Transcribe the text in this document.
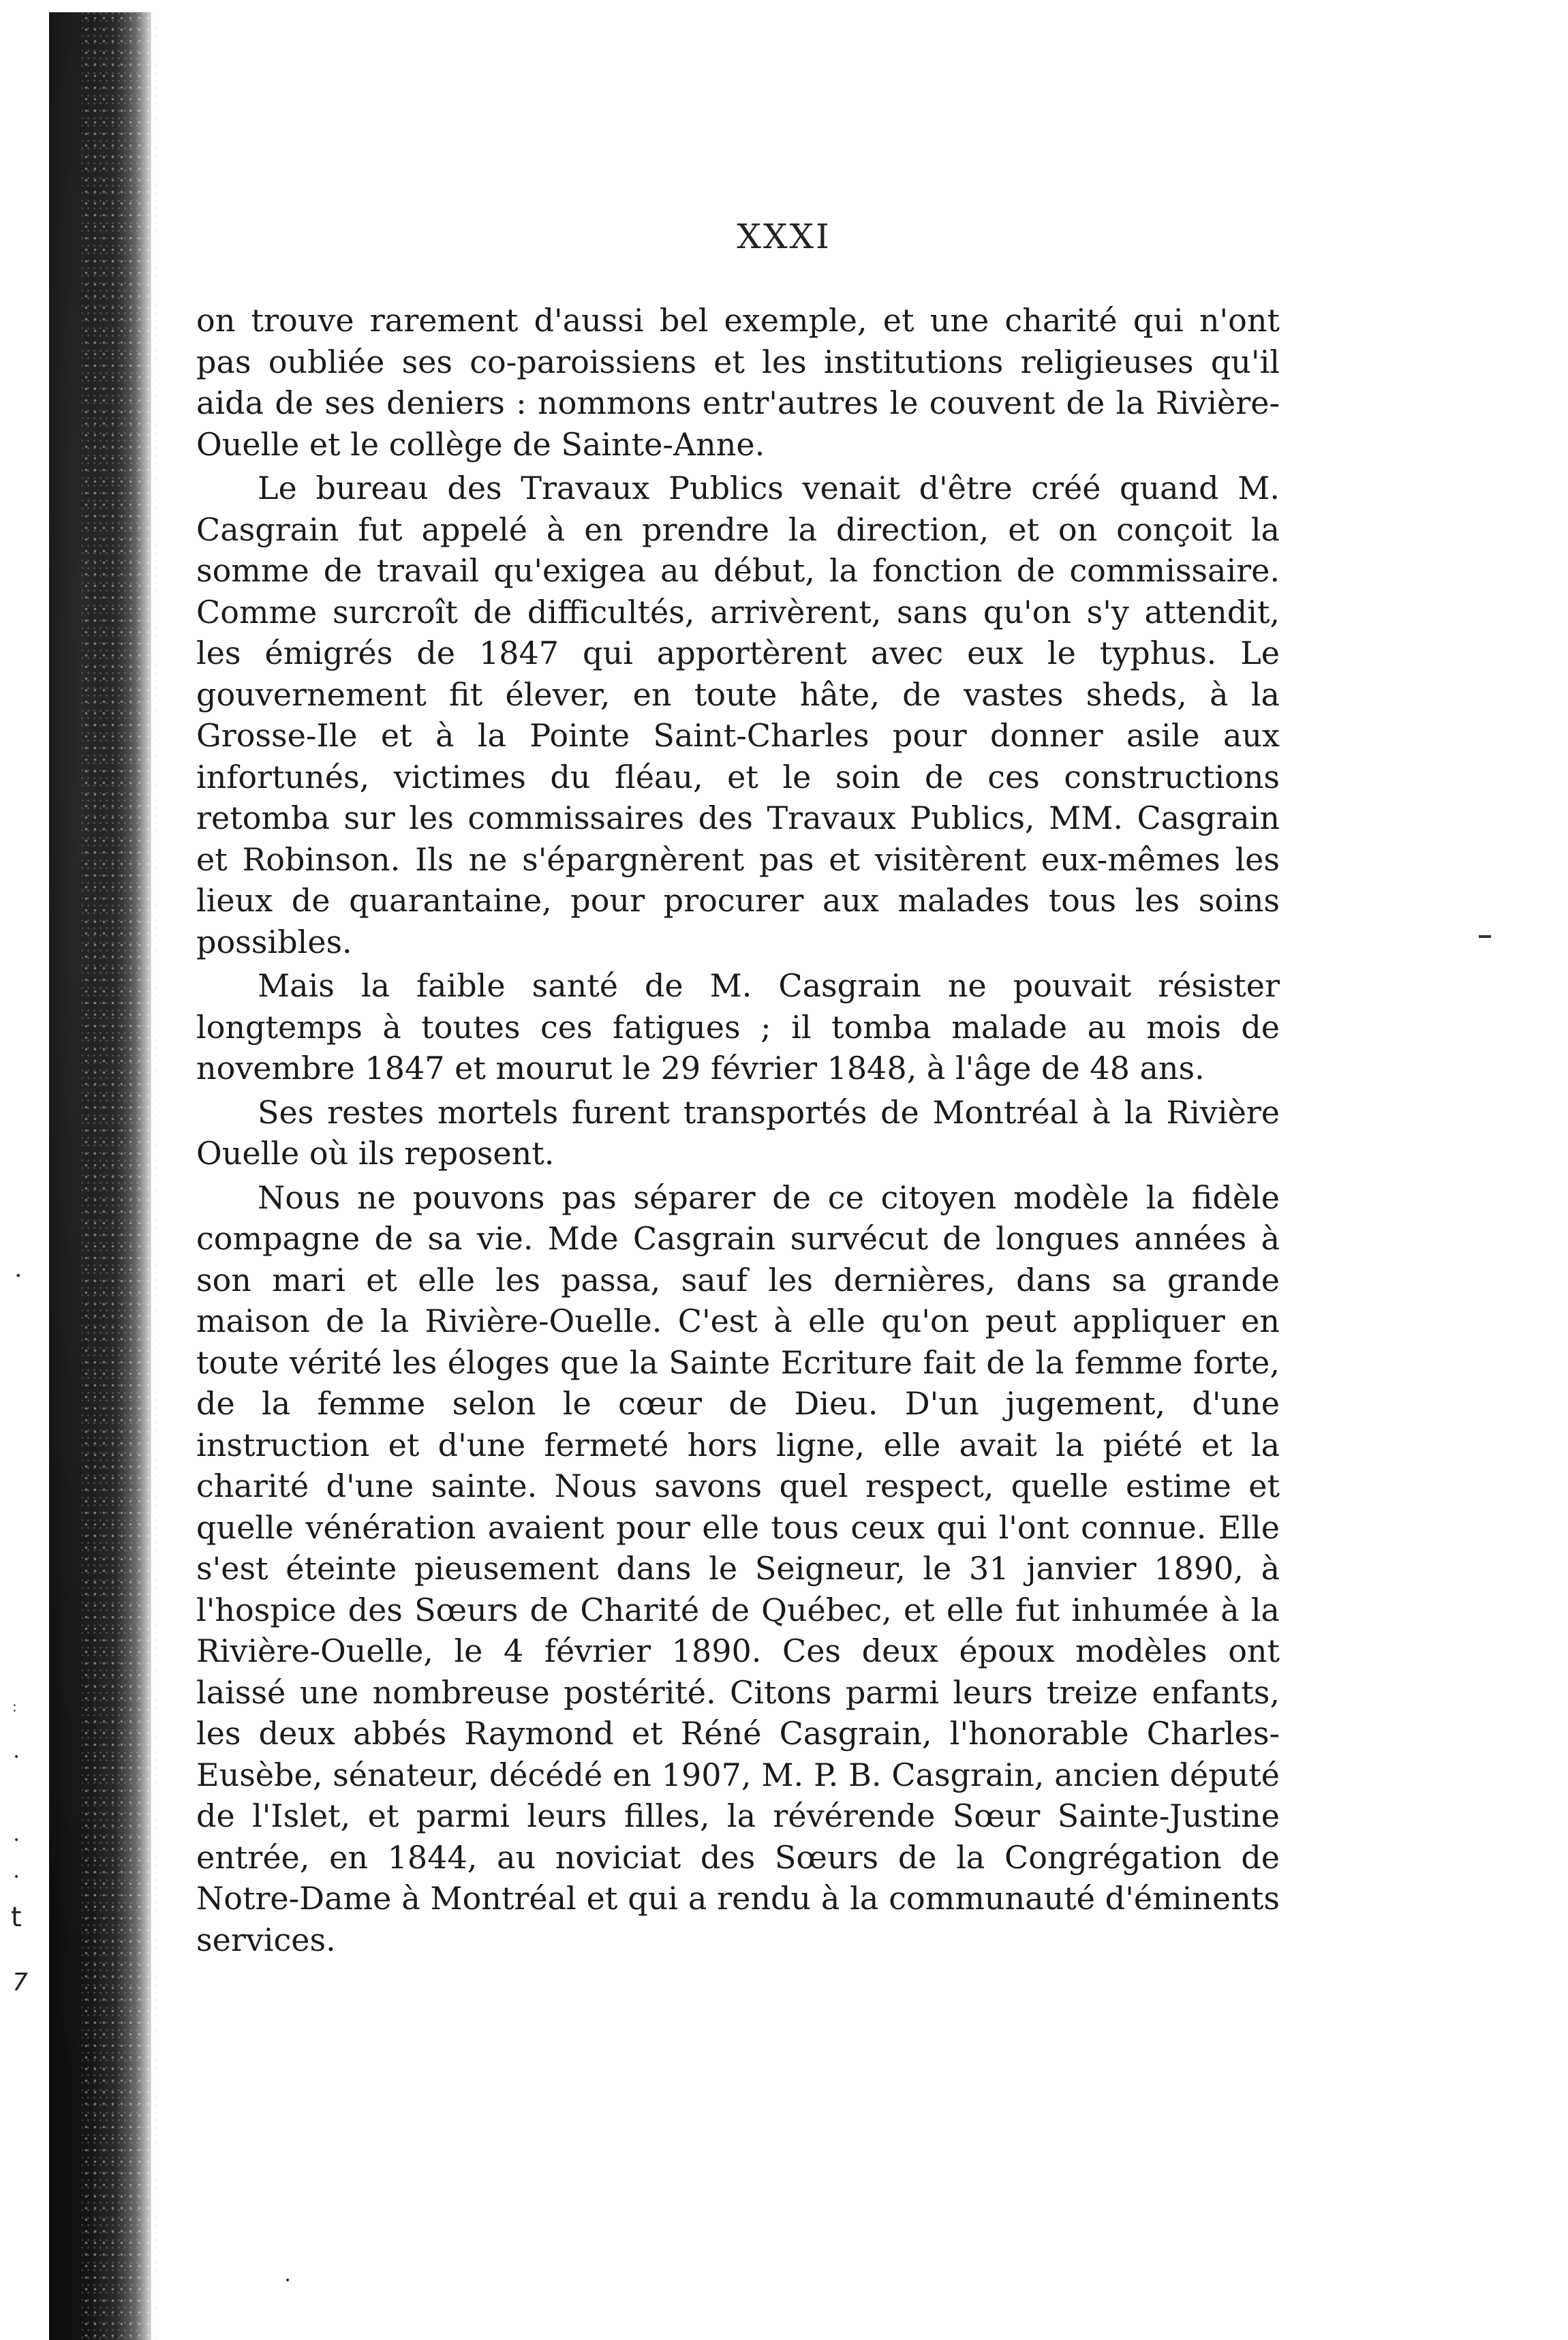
•
:
•
•
•
t
7
XXXI

on trouve rarement d'aussi bel exemple, et une charité qui n'ont pas oubliée ses co-paroissiens et les institutions religieuses qu'il aida de ses deniers : nommons entr'autres le couvent de la Rivière-Ouelle et le collège de Sainte-Anne.

Le bureau des Travaux Publics venait d'être créé quand M. Casgrain fut appelé à en prendre la direction, et on conçoit la somme de travail qu'exigea au début, la fonction de commissaire. Comme surcroît de difficultés, arrivèrent, sans qu'on s'y attendit, les émigrés de 1847 qui apportèrent avec eux le typhus. Le gouvernement fit élever, en toute hâte, de vastes sheds, à la Grosse-Ile et à la Pointe Saint-Charles pour donner asile aux infortunés, victimes du fléau, et le soin de ces constructions retomba sur les commissaires des Travaux Publics, MM. Casgrain et Robinson. Ils ne s'épargnèrent pas et visitèrent eux-mêmes les lieux de quarantaine, pour procurer aux malades tous les soins possibles.

Mais la faible santé de M. Casgrain ne pouvait résister longtemps à toutes ces fatigues ; il tomba malade au mois de novembre 1847 et mourut le 29 février 1848, à l'âge de 48 ans.

Ses restes mortels furent transportés de Montréal à la Rivière Ouelle où ils reposent.

Nous ne pouvons pas séparer de ce citoyen modèle la fidèle compagne de sa vie. Mde Casgrain survécut de longues années à son mari et elle les passa, sauf les dernières, dans sa grande maison de la Rivière-Ouelle. C'est à elle qu'on peut appliquer en toute vérité les éloges que la Sainte Ecriture fait de la femme forte, de la femme selon le cœur de Dieu. D'un jugement, d'une instruction et d'une fermeté hors ligne, elle avait la piété et la charité d'une sainte. Nous savons quel respect, quelle estime et quelle vénération avaient pour elle tous ceux qui l'ont connue. Elle s'est éteinte pieusement dans le Seigneur, le 31 janvier 1890, à l'hospice des Sœurs de Charité de Québec, et elle fut inhumée à la Rivière-Ouelle, le 4 février 1890. Ces deux époux modèles ont laissé une nombreuse postérité. Citons parmi leurs treize enfants, les deux abbés Raymond et Réné Casgrain, l'honorable Charles-Eusèbe, sénateur, décédé en 1907, M. P. B. Casgrain, ancien député de l'Islet, et parmi leurs filles, la révérende Sœur Sainte-Justine entrée, en 1844, au noviciat des Sœurs de la Congrégation de Notre-Dame à Montréal et qui a rendu à la communauté d'éminents services.

•
